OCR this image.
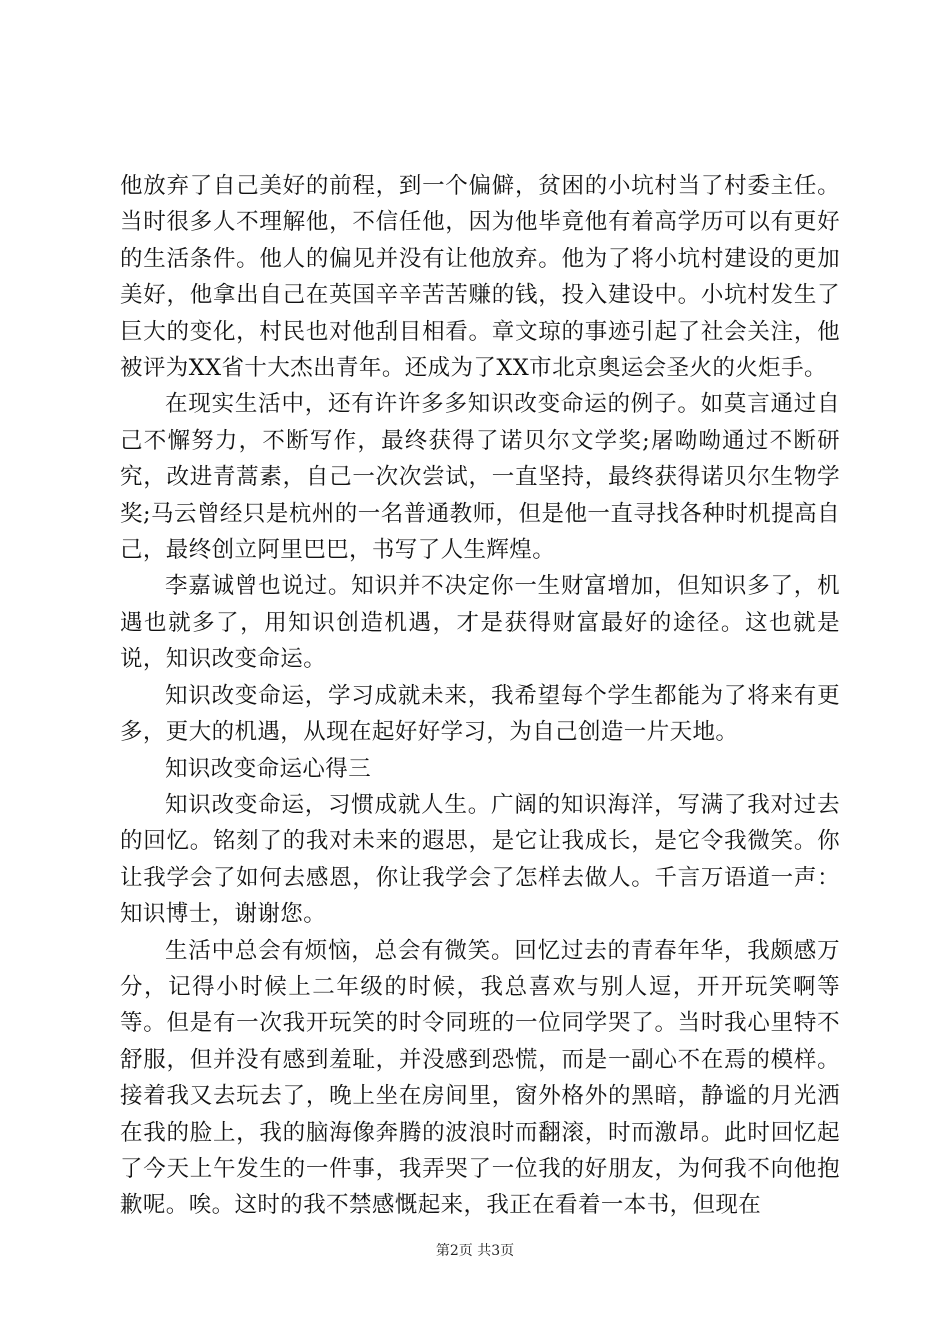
他放弃了自己美好的前程，到一个偏僻，贫困的小坑村当了村委主任。当时很多人不理解他，不信任他，因为他毕竟他有着高学历可以有更好的生活条件。他人的偏见并没有让他放弃。他为了将小坑村建设的更加美好，他拿出自己在英国辛辛苦苦赚的钱，投入建设中。小坑村发生了巨大的变化，村民也对他刮目相看。章文琼的事迹引起了社会关注，他被评为XX省十大杰出青年。还成为了XX市北京奥运会圣火的火炬手。

在现实生活中，还有许许多多知识改变命运的例子。如莫言通过自己不懈努力，不断写作，最终获得了诺贝尔文学奖;屠呦呦通过不断研究，改进青蒿素，自己一次次尝试，一直坚持，最终获得诺贝尔生物学奖;马云曾经只是杭州的一名普通教师，但是他一直寻找各种时机提高自己，最终创立阿里巴巴，书写了人生辉煌。

李嘉诚曾也说过。知识并不决定你一生财富增加，但知识多了，机遇也就多了，用知识创造机遇，才是获得财富最好的途径。这也就是说，知识改变命运。

知识改变命运，学习成就未来，我希望每个学生都能为了将来有更多，更大的机遇，从现在起好好学习，为自己创造一片天地。

知识改变命运心得三

知识改变命运，习惯成就人生。广阔的知识海洋，写满了我对过去的回忆。铭刻了的我对未来的遐思，是它让我成长，是它令我微笑。你让我学会了如何去感恩，你让我学会了怎样去做人。千言万语道一声：知识博士，谢谢您。

生活中总会有烦恼，总会有微笑。回忆过去的青春年华，我颇感万分，记得小时候上二年级的时候，我总喜欢与别人逗，开开玩笑啊等等。但是有一次我开玩笑的时令同班的一位同学哭了。当时我心里特不舒服，但并没有感到羞耻，并没感到恐慌，而是一副心不在焉的模样。接着我又去玩去了，晚上坐在房间里，窗外格外的黑暗，静谧的月光洒在我的脸上，我的脑海像奔腾的波浪时而翻滚，时而激昂。此时回忆起了今天上午发生的一件事，我弄哭了一位我的好朋友，为何我不向他抱歉呢。唉。这时的我不禁感慨起来，我正在看着一本书，但现在

第2页 共3页
